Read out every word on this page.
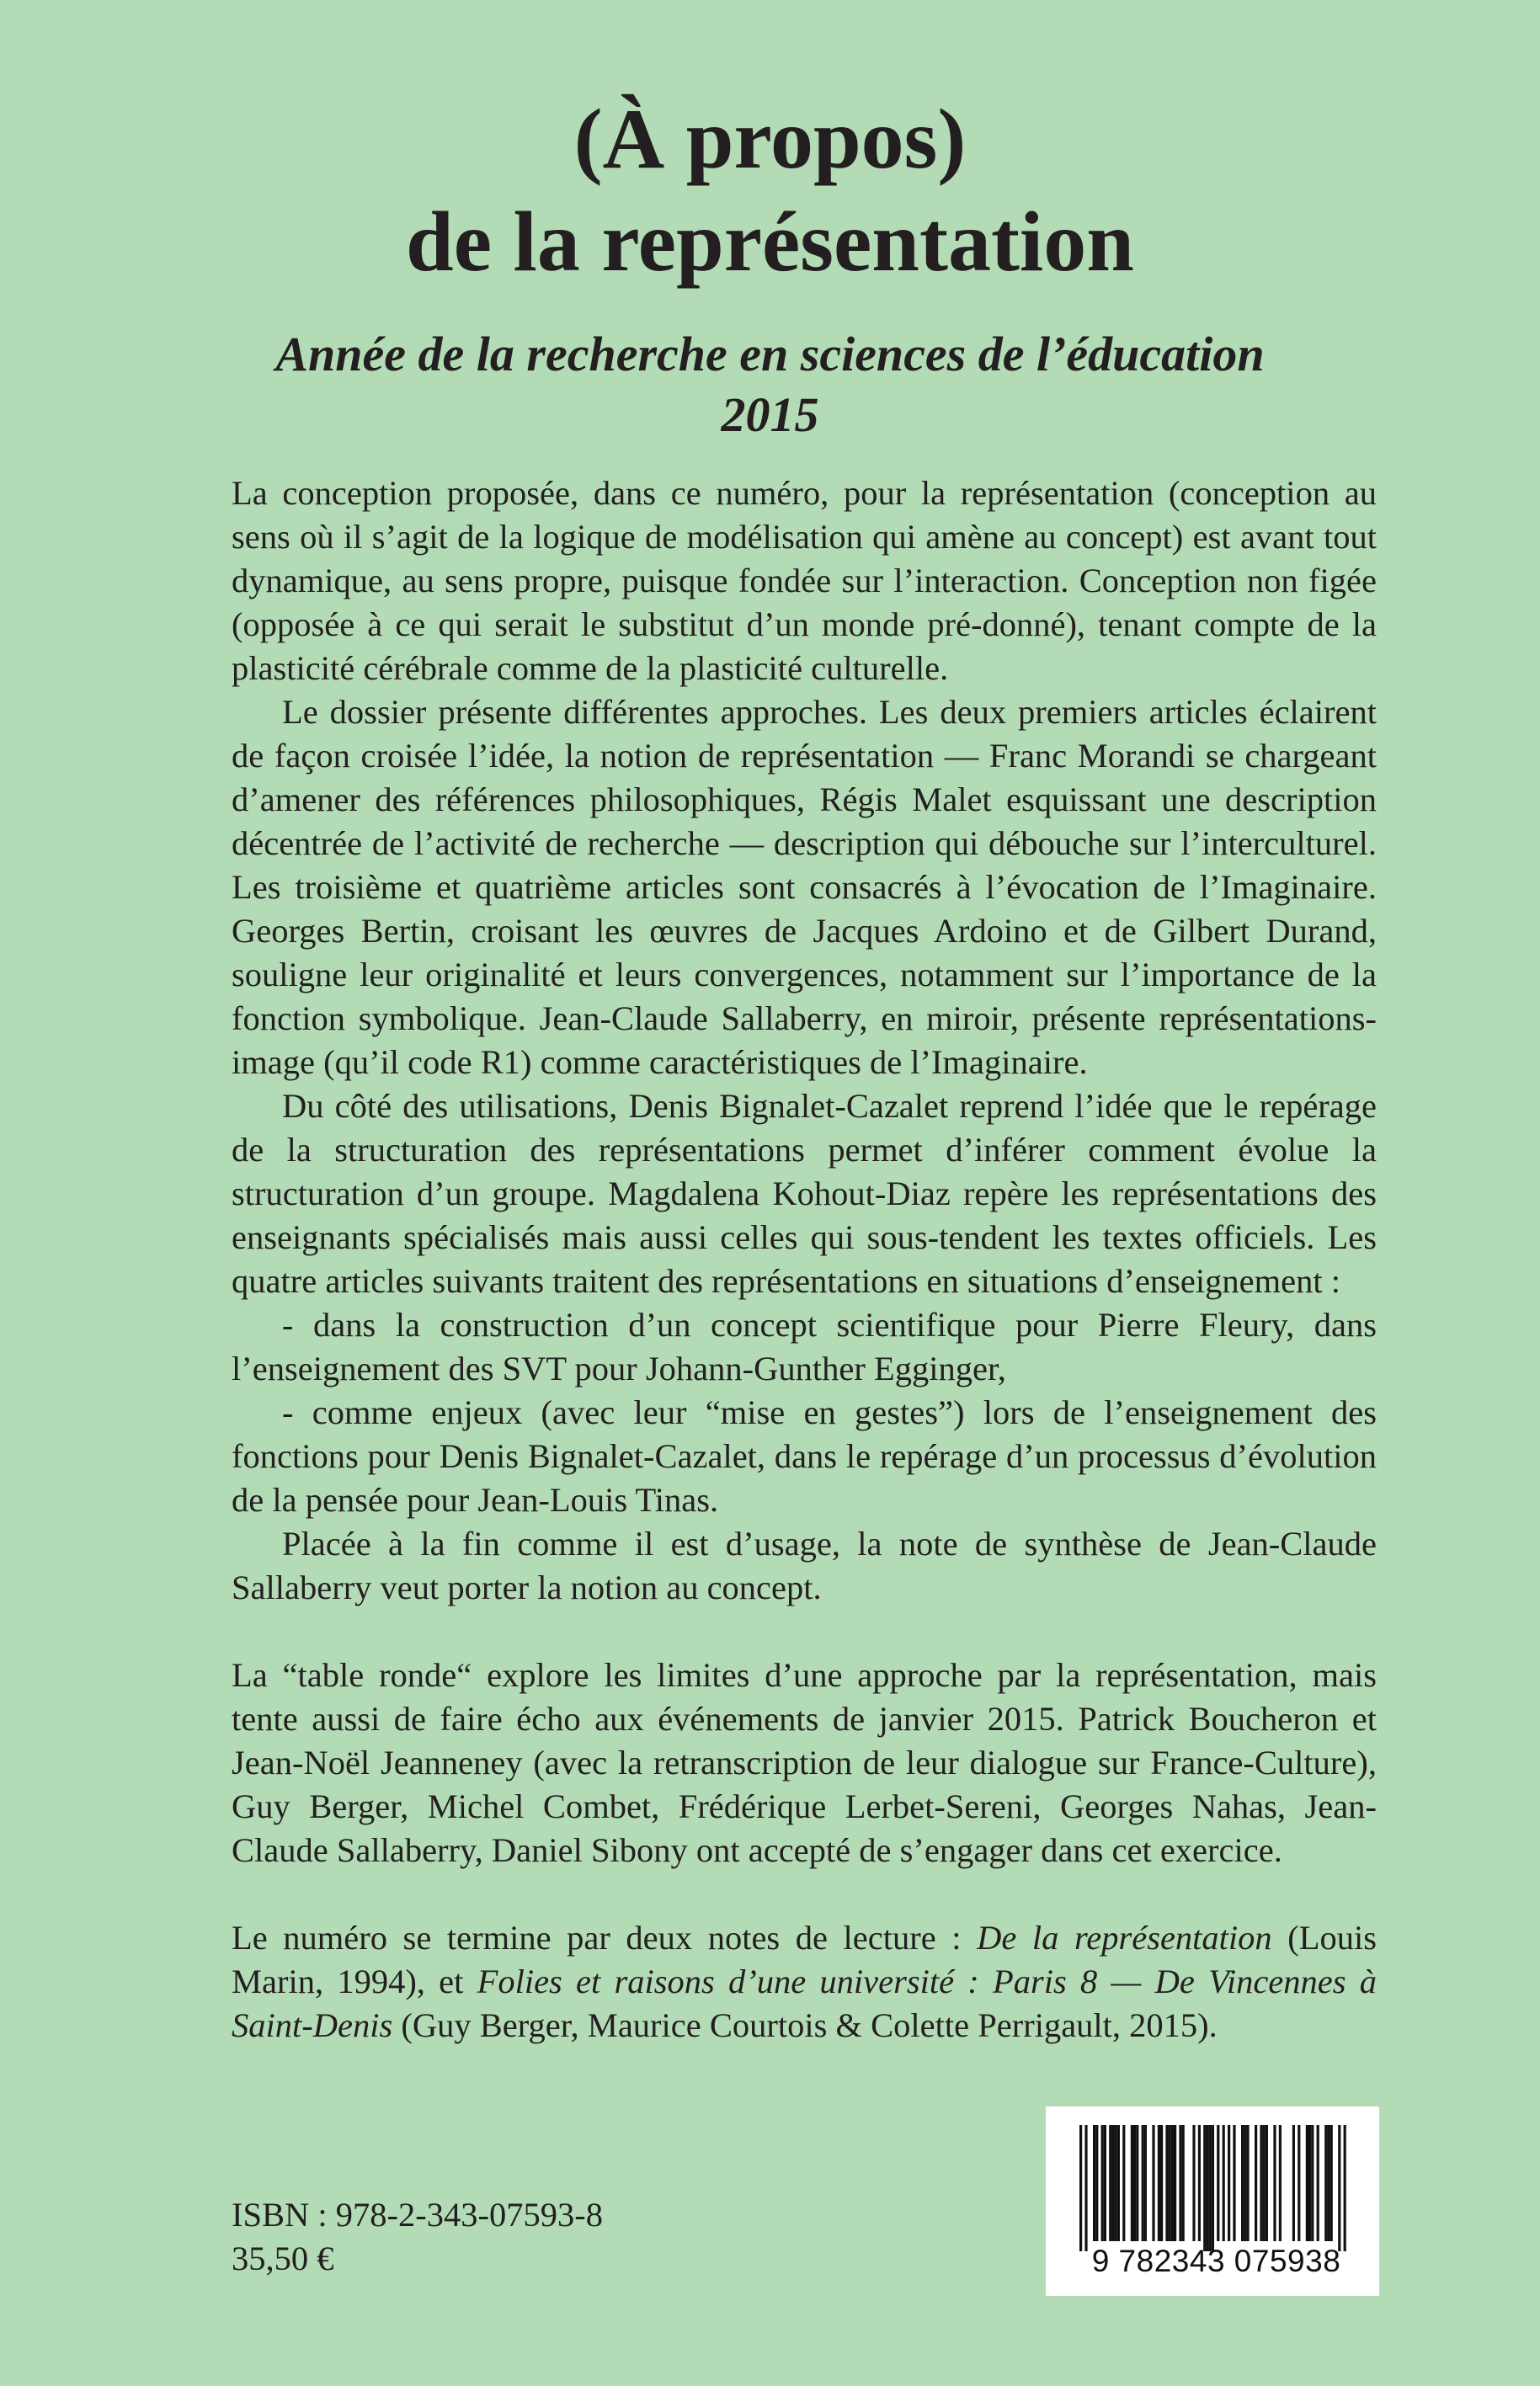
(À propos)
de la représentation
Année de la recherche en sciences de l’éducation
2015

La conception proposée, dans ce numéro, pour la représentation (conception au sens où il s’agit de la logique de modélisation qui amène au concept) est avant tout dynamique, au sens propre, puisque fondée sur l’interaction. Conception non figée (opposée à ce qui serait le substitut d’un monde pré-donné), tenant compte de la plasticité cérébrale comme de la plasticité culturelle.

Le dossier présente différentes approches. Les deux premiers articles éclairent de façon croisée l’idée, la notion de représentation — Franc Morandi se chargeant d’amener des références philosophiques, Régis Malet esquissant une description décentrée de l’activité de recherche — description qui débouche sur l’interculturel. Les troisième et quatrième articles sont consacrés à l’évocation de l’Imaginaire. Georges Bertin, croisant les œuvres de Jacques Ardoino et de Gilbert Durand, souligne leur originalité et leurs convergences, notamment sur l’importance de la fonction symbolique. Jean-Claude Sallaberry, en miroir, présente représentations-image (qu’il code R1) comme caractéristiques de l’Imaginaire.

Du côté des utilisations, Denis Bignalet-Cazalet reprend l’idée que le repérage de la structuration des représentations permet d’inférer comment évolue la structuration d’un groupe. Magdalena Kohout-Diaz repère les représentations des enseignants spécialisés mais aussi celles qui sous-tendent les textes officiels. Les quatre articles suivants traitent des représentations en situations d’enseignement :

- dans la construction d’un concept scientifique pour Pierre Fleury, dans l’enseignement des SVT pour Johann-Gunther Egginger,

- comme enjeux (avec leur “mise en gestes”) lors de l’enseignement des fonctions pour Denis Bignalet-Cazalet, dans le repérage d’un processus d’évolution de la pensée pour Jean-Louis Tinas.

Placée à la fin comme il est d’usage, la note de synthèse de Jean-Claude Sallaberry veut porter la notion au concept.

La “table ronde“ explore les limites d’une approche par la représentation, mais tente aussi de faire écho aux événements de janvier 2015. Patrick Boucheron et Jean-Noël Jeanneney (avec la retranscription de leur dialogue sur France-Culture), Guy Berger, Michel Combet, Frédérique Lerbet-Sereni, Georges Nahas, Jean-Claude Sallaberry, Daniel Sibony ont accepté de s’engager dans cet exercice.

Le numéro se termine par deux notes de lecture : De la représentation (Louis Marin, 1994), et Folies et raisons d’une université : Paris 8 — De Vincennes à Saint-Denis (Guy Berger, Maurice Courtois & Colette Perrigault, 2015).

ISBN : 978-2-343-07593-8
35,50 €	9 782343 075938
